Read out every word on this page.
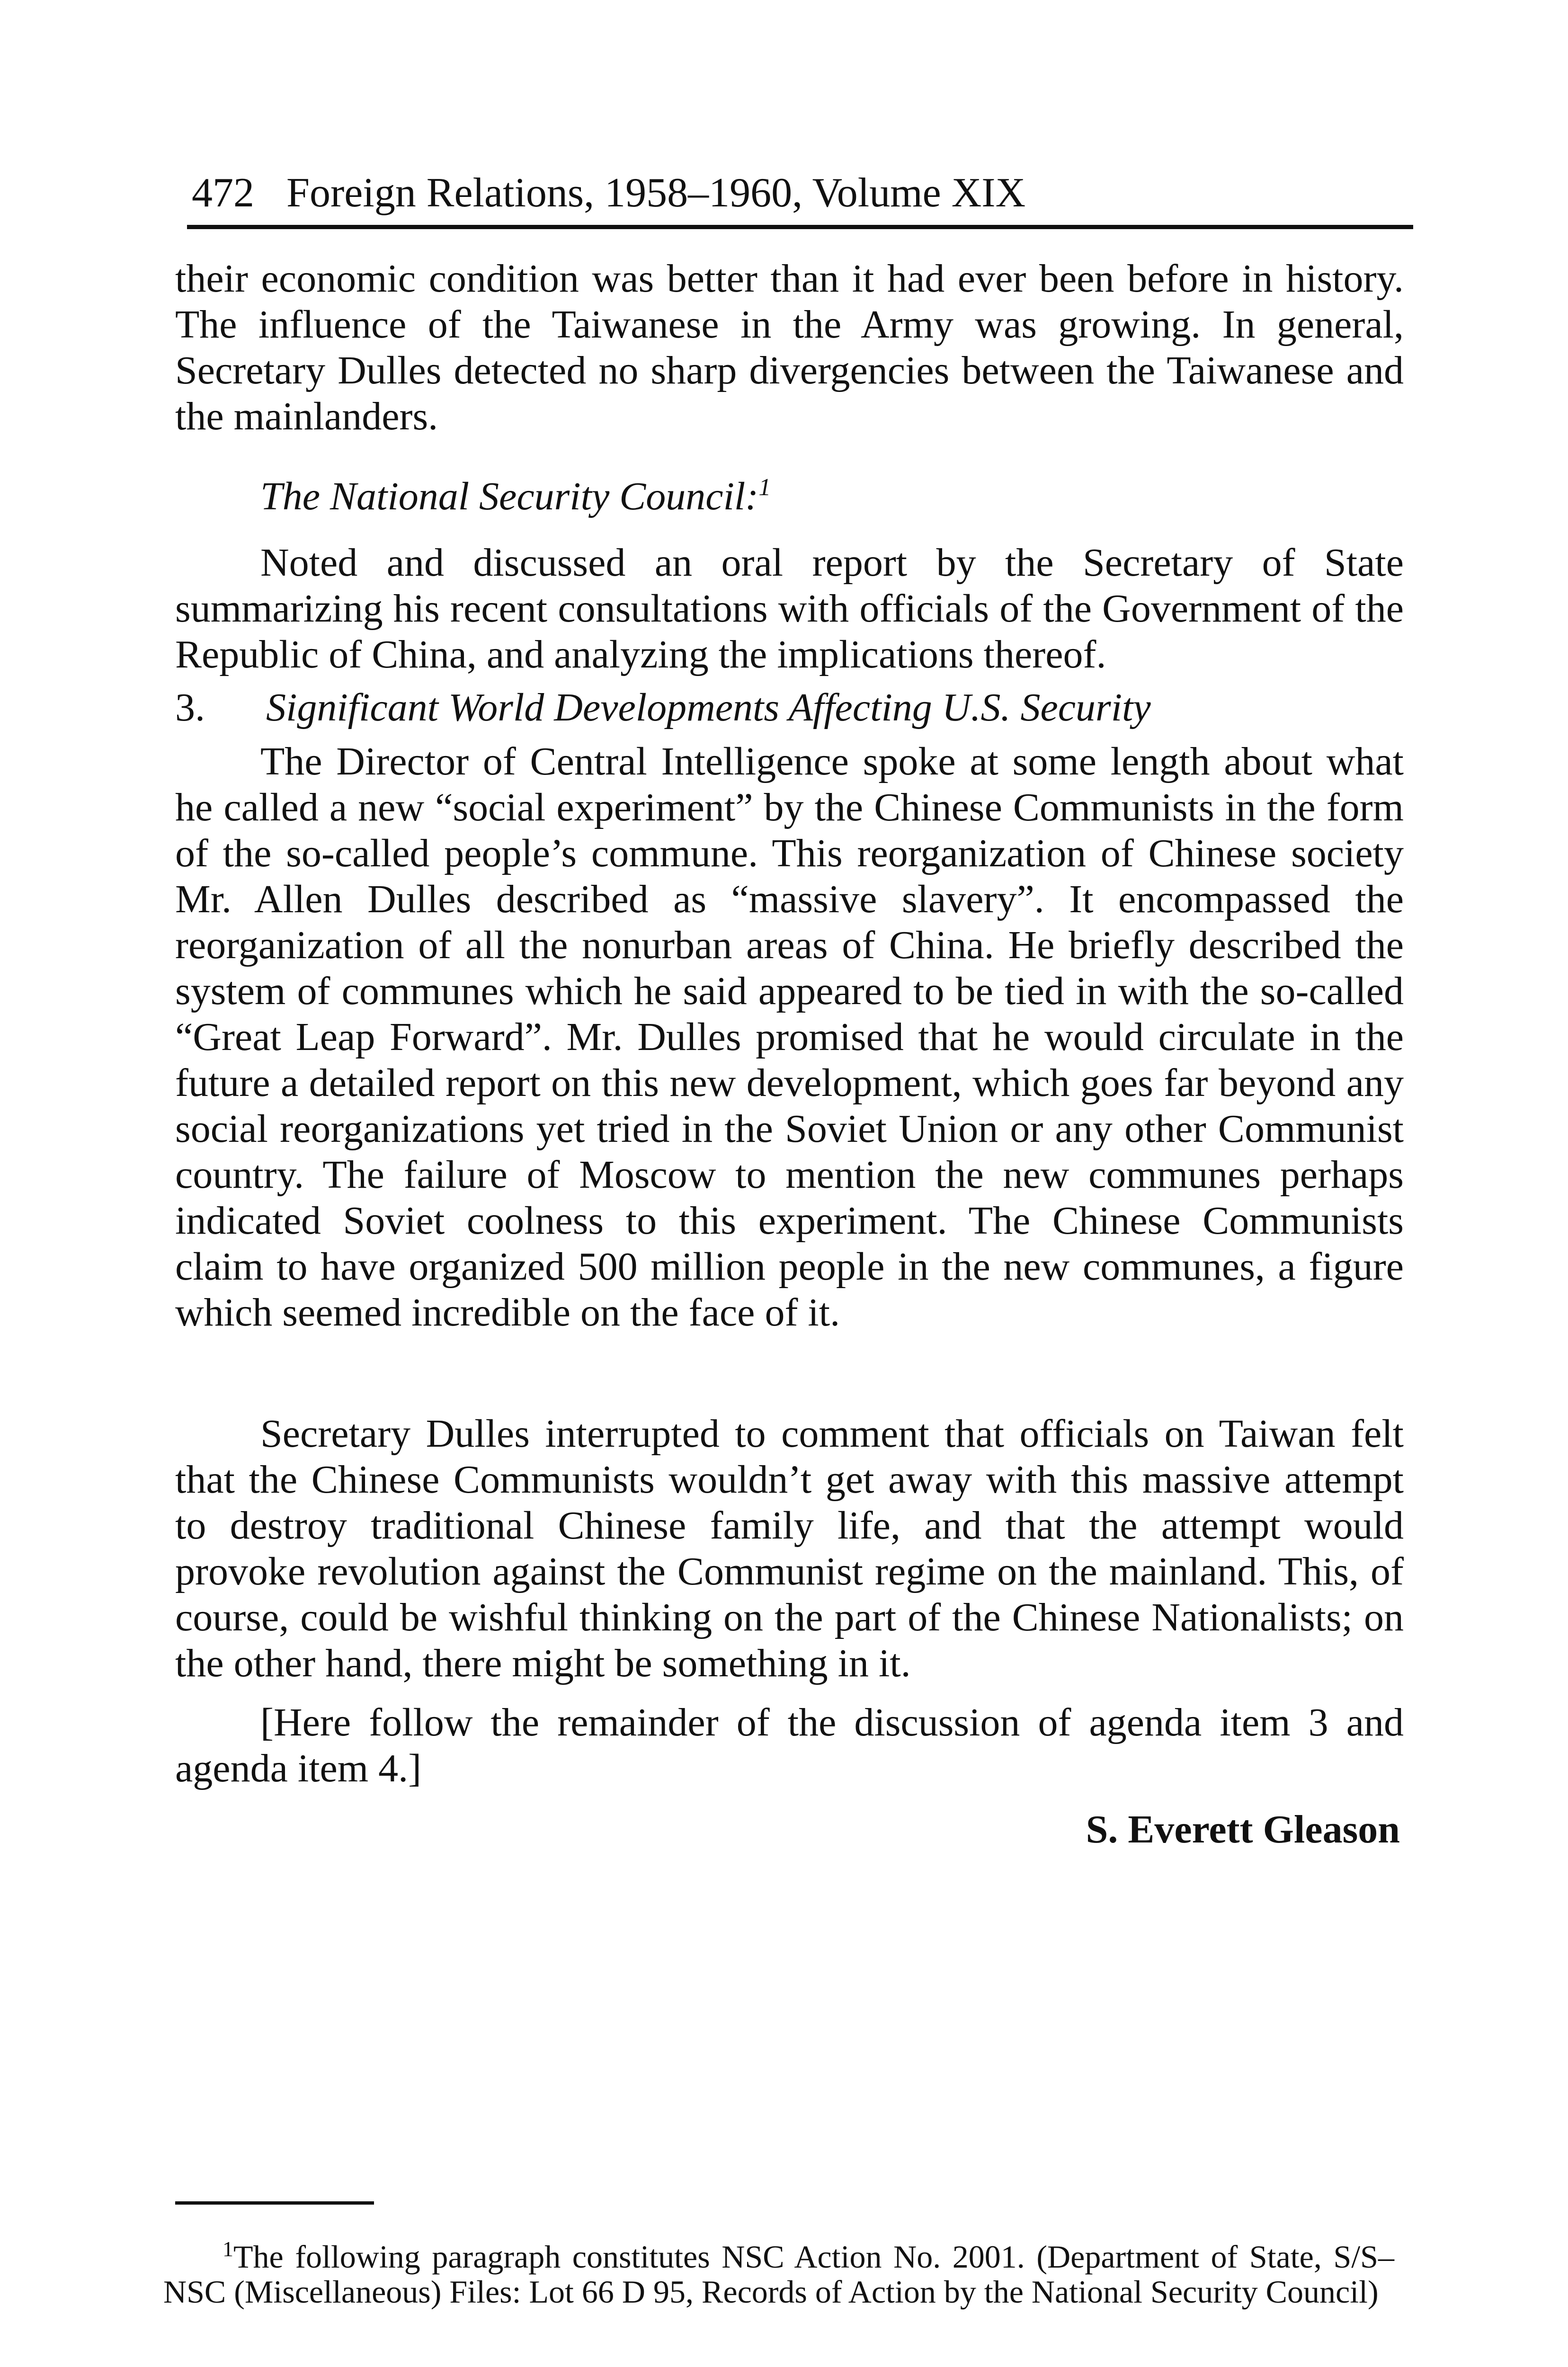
472 Foreign Relations, 1958–1960, Volume XIX

their economic condition was better than it had ever been before in history. The influence of the Taiwanese in the Army was growing. In general, Secretary Dulles detected no sharp divergencies between the Taiwanese and the mainlanders.

The National Security Council:$^1$

Noted and discussed an oral report by the Secretary of State summarizing his recent consultations with officials of the Government of the Republic of China, and analyzing the implications thereof.

3. Significant World Developments Affecting U.S. Security

The Director of Central Intelligence spoke at some length about what he called a new “social experiment” by the Chinese Communists in the form of the so-called people’s commune. This reorganization of Chinese society Mr. Allen Dulles described as “massive slavery”. It encompassed the reorganization of all the nonurban areas of China. He briefly described the system of communes which he said appeared to be tied in with the so-called “Great Leap Forward”. Mr. Dulles promised that he would circulate in the future a detailed report on this new development, which goes far beyond any social reorganizations yet tried in the Soviet Union or any other Communist country. The failure of Moscow to mention the new communes perhaps indicated Soviet coolness to this experiment. The Chinese Communists claim to have organized 500 million people in the new communes, a figure which seemed incredible on the face of it.

Secretary Dulles interrupted to comment that officials on Taiwan felt that the Chinese Communists wouldn’t get away with this massive attempt to destroy traditional Chinese family life, and that the attempt would provoke revolution against the Communist regime on the mainland. This, of course, could be wishful thinking on the part of the Chinese Nationalists; on the other hand, there might be something in it.

[Here follow the remainder of the discussion of agenda item 3 and agenda item 4.]

S. Everett Gleason

$^1$The following paragraph constitutes NSC Action No. 2001. (Department of State, S/S–NSC (Miscellaneous) Files: Lot 66 D 95, Records of Action by the National Security Council)
